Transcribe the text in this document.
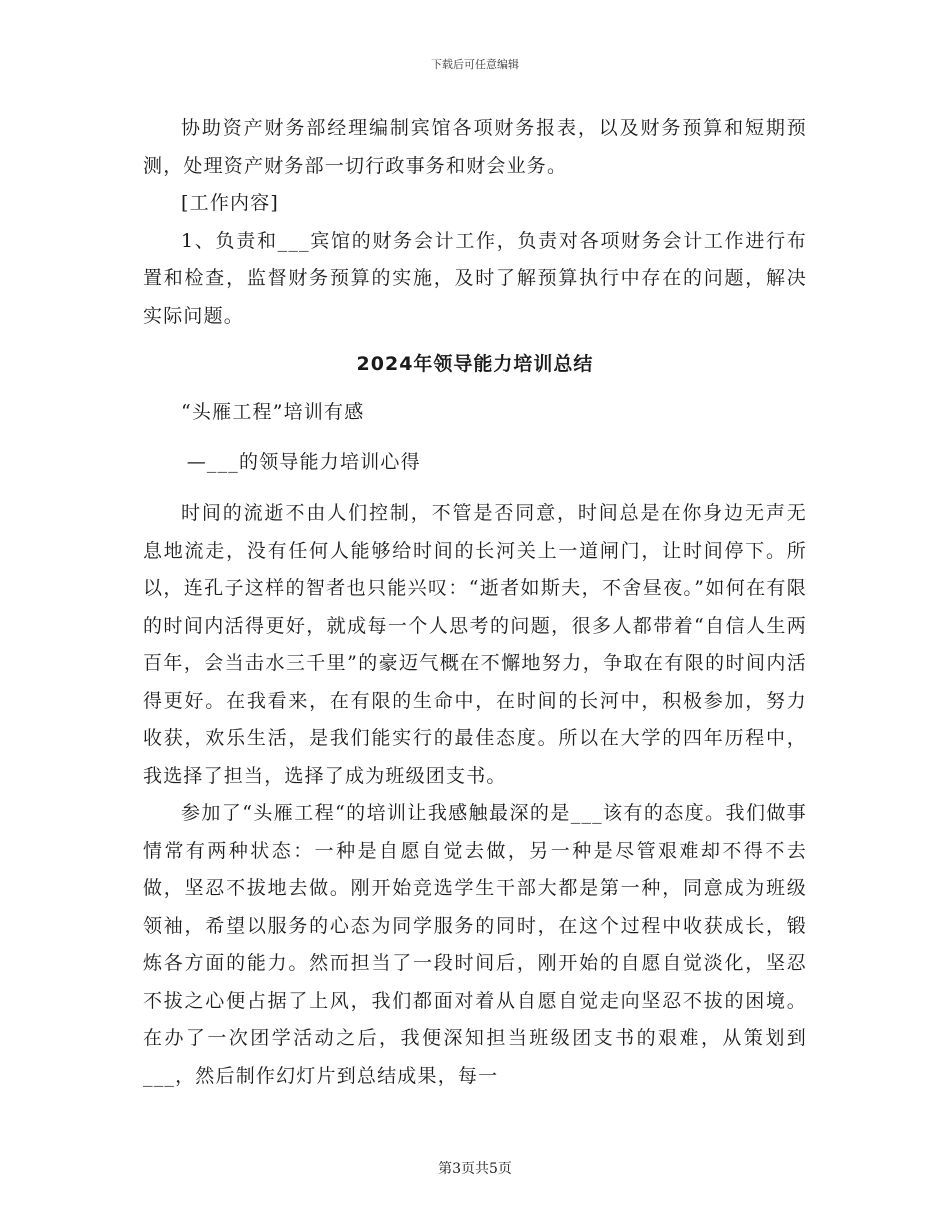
下载后可任意编辑

协助资产财务部经理编制宾馆各项财务报表，以及财务预算和短期预测，处理资产财务部一切行政事务和财会业务。

[工作内容]

1、负责和___宾馆的财务会计工作，负责对各项财务会计工作进行布置和检查，监督财务预算的实施，及时了解预算执行中存在的问题，解决实际问题。

2024年领导能力培训总结

“头雁工程”培训有感

—___的领导能力培训心得

时间的流逝不由人们控制，不管是否同意，时间总是在你身边无声无息地流走，没有任何人能够给时间的长河关上一道闸门，让时间停下。所以，连孔子这样的智者也只能兴叹：“逝者如斯夫，不舍昼夜。”如何在有限的时间内活得更好，就成每一个人思考的问题，很多人都带着“自信人生两百年，会当击水三千里”的豪迈气概在不懈地努力，争取在有限的时间内活得更好。在我看来，在有限的生命中，在时间的长河中，积极参加，努力收获，欢乐生活，是我们能实行的最佳态度。所以在大学的四年历程中，我选择了担当，选择了成为班级团支书。

参加了“头雁工程“的培训让我感触最深的是___该有的态度。我们做事情常有两种状态：一种是自愿自觉去做，另一种是尽管艰难却不得不去做，坚忍不拔地去做。刚开始竞选学生干部大都是第一种，同意成为班级领袖，希望以服务的心态为同学服务的同时，在这个过程中收获成长，锻炼各方面的能力。然而担当了一段时间后，刚开始的自愿自觉淡化，坚忍不拔之心便占据了上风，我们都面对着从自愿自觉走向坚忍不拔的困境。在办了一次团学活动之后，我便深知担当班级团支书的艰难，从策划到___，然后制作幻灯片到总结成果，每一

第3页共5页
